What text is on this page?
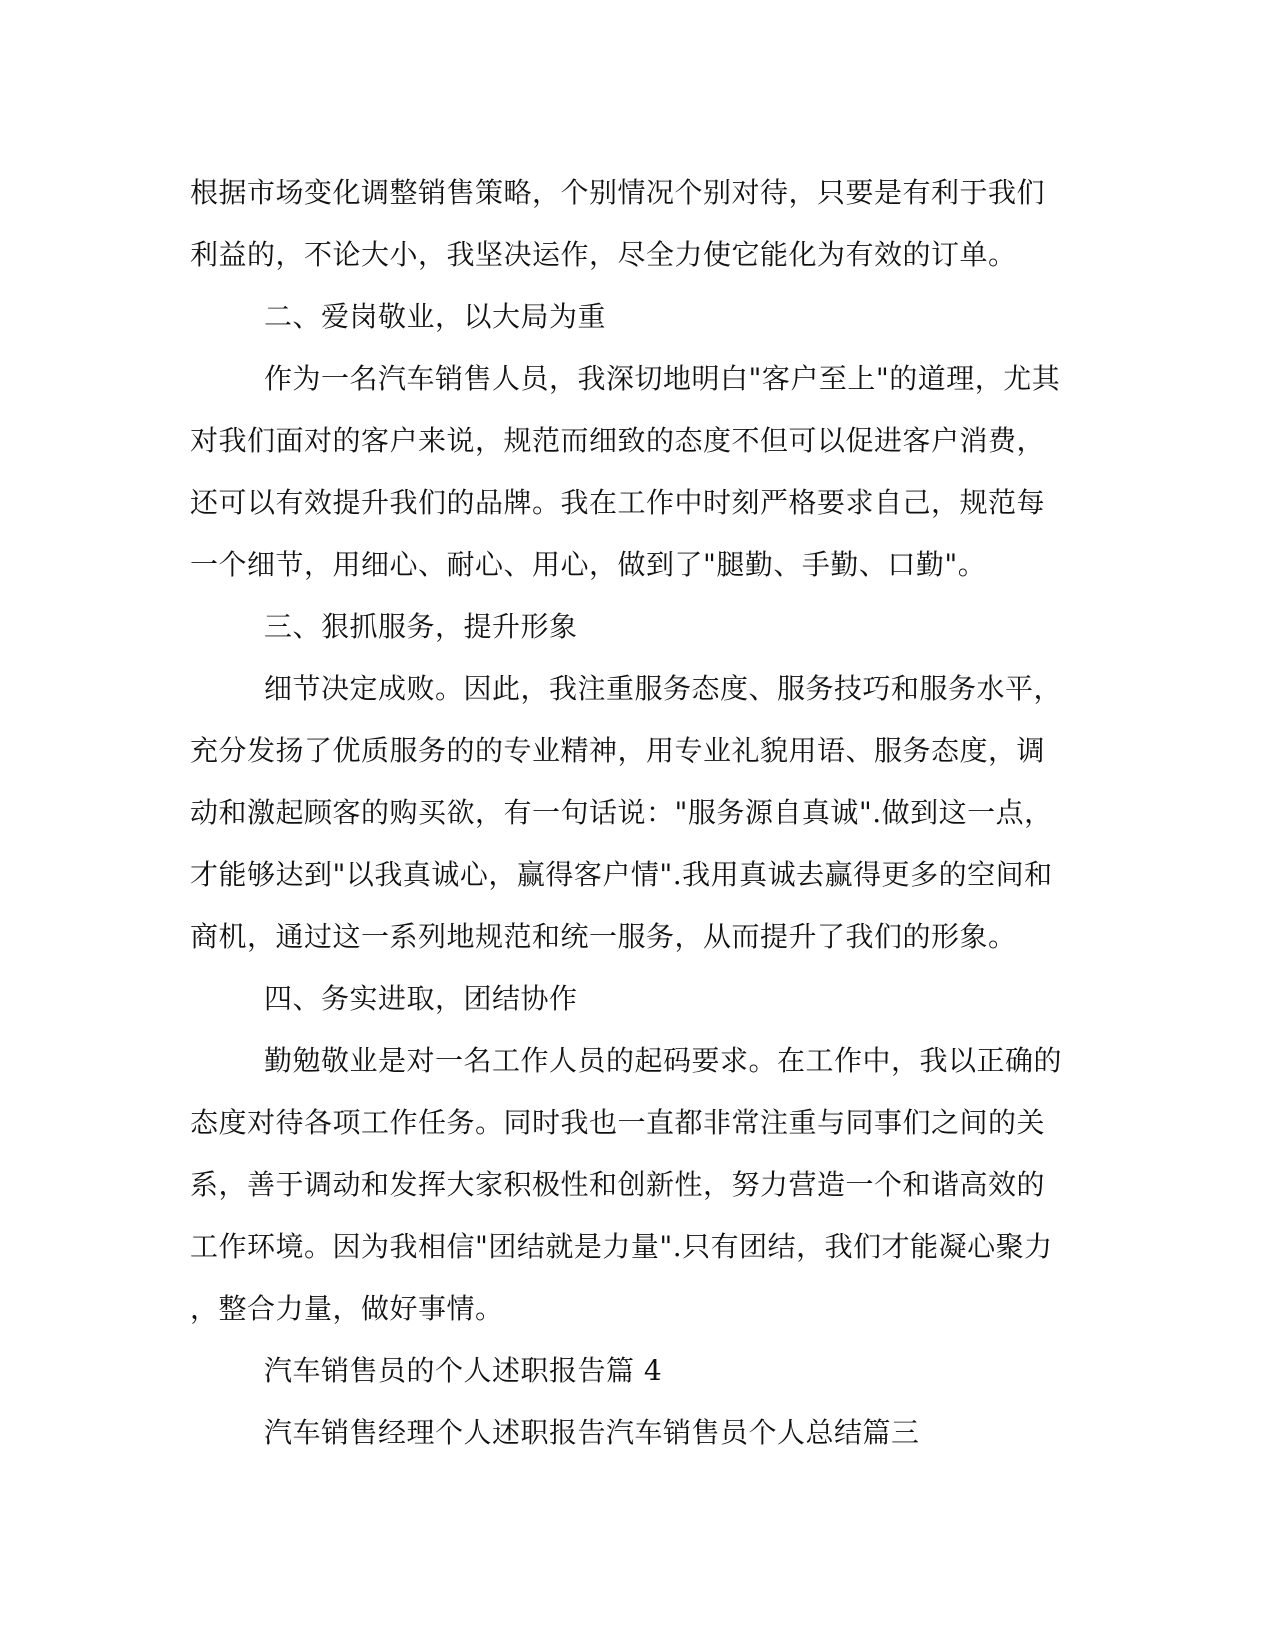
根据市场变化调整销售策略，个别情况个别对待，只要是有利于我们
利益的，不论大小，我坚决运作，尽全力使它能化为有效的订单。
二、爱岗敬业，以大局为重
作为一名汽车销售人员，我深切地明白"客户至上"的道理，尤其
对我们面对的客户来说，规范而细致的态度不但可以促进客户消费，
还可以有效提升我们的品牌。我在工作中时刻严格要求自己，规范每
一个细节，用细心、耐心、用心，做到了"腿勤、手勤、口勤"。
三、狠抓服务，提升形象
细节决定成败。因此，我注重服务态度、服务技巧和服务水平，
充分发扬了优质服务的的专业精神，用专业礼貌用语、服务态度，调
动和激起顾客的购买欲，有一句话说："服务源自真诚".做到这一点，
才能够达到"以我真诚心，赢得客户情".我用真诚去赢得更多的空间和
商机，通过这一系列地规范和统一服务，从而提升了我们的形象。
四、务实进取，团结协作
勤勉敬业是对一名工作人员的起码要求。在工作中，我以正确的
态度对待各项工作任务。同时我也一直都非常注重与同事们之间的关
系，善于调动和发挥大家积极性和创新性，努力营造一个和谐高效的
工作环境。因为我相信"团结就是力量".只有团结，我们才能凝心聚力
，整合力量，做好事情。
汽车销售员的个人述职报告篇 4
汽车销售经理个人述职报告汽车销售员个人总结篇三
